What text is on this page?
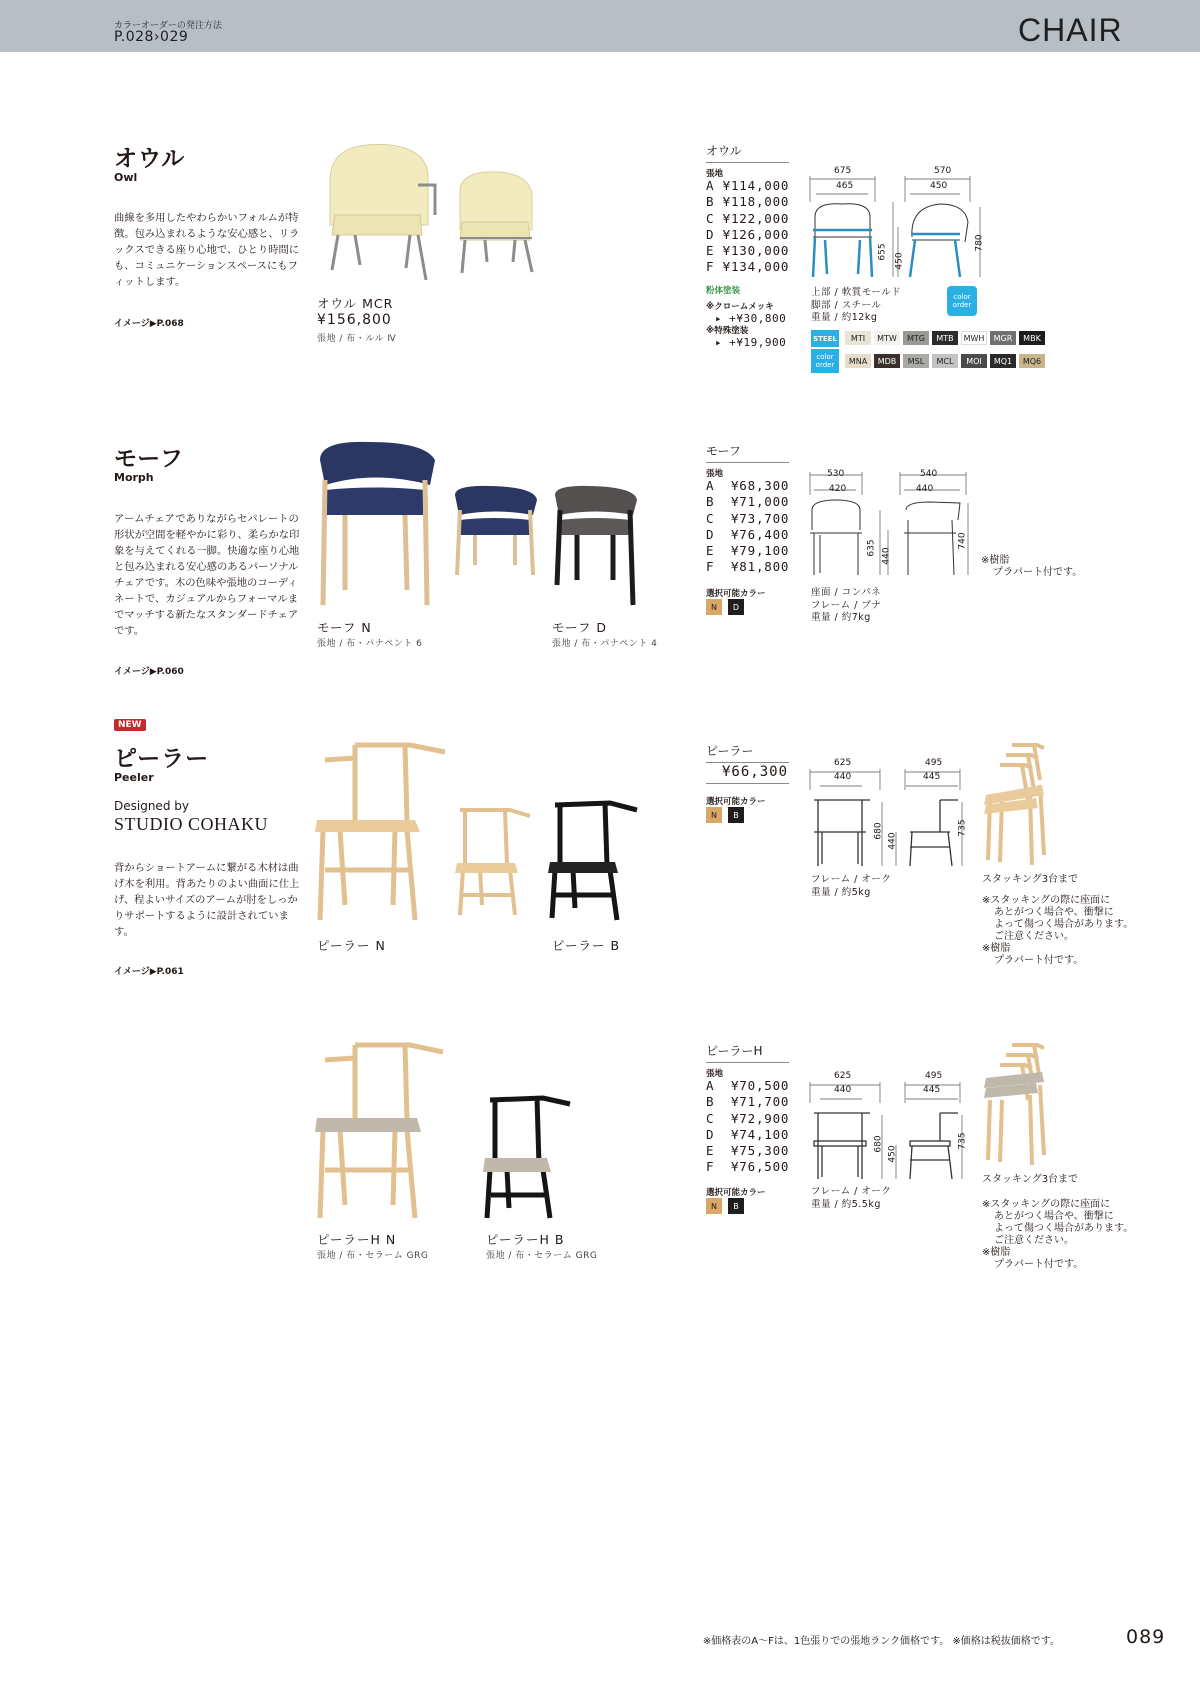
カラーオーダーの発注方法
P.028›029	CHAIR
オウル
Owl
曲線を多用したやわらかいフォルムが特徴。包み込まれるような安心感と、リラックスできる座り心地で、ひとり時間にも、コミュニケーションスペースにもフィットします。
イメージ▶P.068
オウル MCR
¥156,800
張地 / 布・ルル Ⅳ
オウル
張地
A ¥114,000
B ¥118,000
C ¥122,000
D ¥126,000
E ¥130,000
F ¥134,000
粉体塗装
※クロームメッキ
▸ +¥30,800
※特殊塗装
▸ +¥19,900
675
465
570
450
655
450
780
color order
上部 / 軟質モールド
脚部 / スチール
重量 / 約12kg
STEEL
color order
MTI	MTW	MTG	MTB	MWH	MGR	MBK
MNA	MDB	MSL	MCL	MOI	MQ1	MQ6
モーフ
Morph
アームチェアでありながらセパレートの形状が空間を軽やかに彩り、柔らかな印象を与えてくれる一脚。快適な座り心地と包み込まれる安心感のあるパーソナルチェアです。木の色味や張地のコーディネートで、カジュアルからフォーマルまでマッチする新たなスタンダードチェアです。
イメージ▶P.060
モーフ N
張地 / 布・パナペント 6
モーフ D
張地 / 布・パナペント 4
モーフ
張地
A  ¥68,300
B  ¥71,000
C  ¥73,700
D  ¥76,400
E  ¥79,100
F  ¥81,800
選択可能カラー
N	D
530
420
540
440
635 440
740
座面 / コンパネ
フレーム / ブナ
重量 / 約7kg
※樹脂
プラパート付です。
NEW
ピーラー
Peeler
Designed by
STUDIO COHAKU
背からショートアームに繋がる木材は曲げ木を利用。背あたりのよい曲面に仕上げ、程よいサイズのアームが肘をしっかりサポートするように設計されています。
イメージ▶P.061
ピーラー N	ピーラー B
ピーラー
¥66,300
選択可能カラー
N	B
625
440
495
445
680
440
735
フレーム / オーク
重量 / 約5kg
スタッキング3台まで
※スタッキングの際に座面に
あとがつく場合や、衝撃に
よって傷つく場合があります。
ご注意ください。
※樹脂
プラパート付です。
ピーラーH N
張地 / 布・セラーム GRG
ピーラーH B
張地 / 布・セラーム GRG
ピーラーH
張地
A  ¥70,500
B  ¥71,700
C  ¥72,900
D  ¥74,100
E  ¥75,300
F  ¥76,500
選択可能カラー
N	B
625
440
495
445
680
450
735
フレーム / オーク
重量 / 約5.5kg
スタッキング3台まで
※スタッキングの際に座面に
あとがつく場合や、衝撃に
よって傷つく場合があります。
ご注意ください。
※樹脂
プラパート付です。
※価格表のA〜Fは、1色張りでの張地ランク価格です。 ※価格は税抜価格です。	089
